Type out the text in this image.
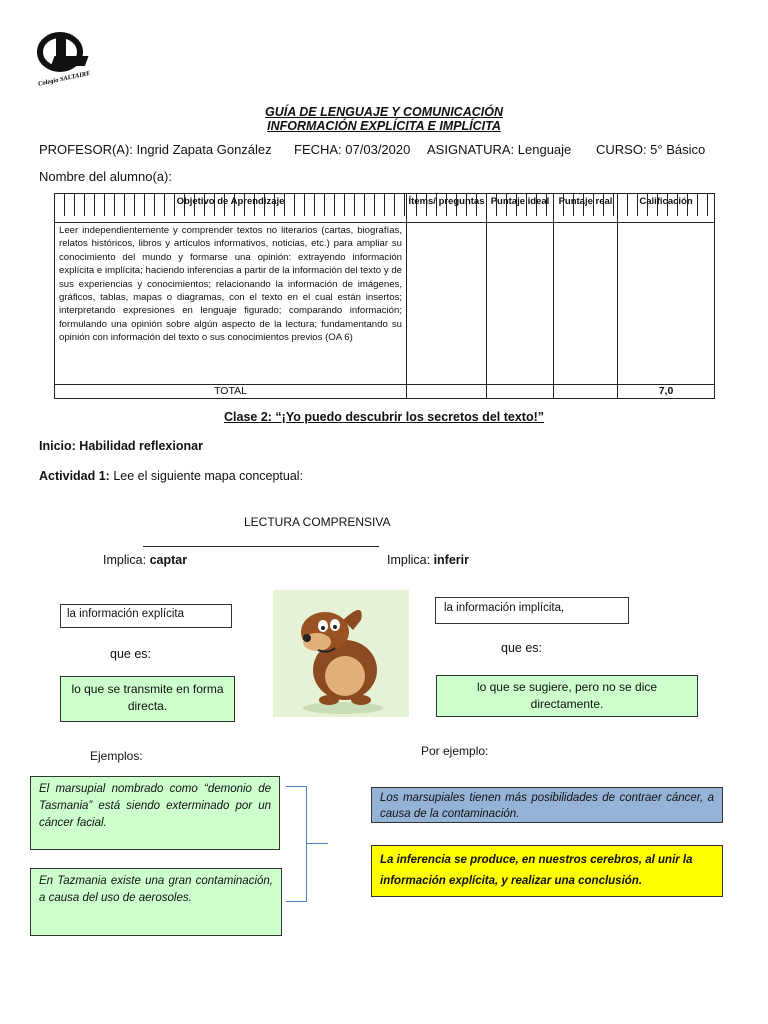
Colegio SALTAIRE
GUÍA DE LENGUAJE Y COMUNICACIÓN
INFORMACIÓN EXPLÍCITA E IMPLÍCITA
PROFESOR(A): Ingrid Zapata González FECHA: 07/03/2020 ASIGNATURA: Lenguaje CURSO: 5° Básico
Nombre del alumno(a):
Objetivo de Aprendizaje	Ítems/ preguntas	Puntaje ideal	Puntaje real	Calificación

Leer independientemente y comprender textos no literarios (cartas, biografías, relatos históricos, libros y artículos informativos, noticias, etc.) para ampliar su conocimiento del mundo y formarse una opinión: extrayendo información explícita e implícita; haciendo inferencias a partir de la información del texto y de sus experiencias y conocimientos; relacionando la información de imágenes, gráficos, tablas, mapas o diagramas, con el texto en el cual están insertos; interpretando expresiones en lenguaje figurado; comparando información; formulando una opinión sobre algún aspecto de la lectura; fundamentando su opinión con información del texto o sus conocimientos previos (OA 6)				
TOTAL				7,0
Clase 2: “¡Yo puedo descubrir los secretos del texto!”
Inicio: Habilidad reflexionar
Actividad 1: Lee el siguiente mapa conceptual:
LECTURA COMPRENSIVA
Implica: captar	Implica: inferir
la información explícita
que es:
lo que se transmite en forma directa.
Ejemplos:
El marsupial nombrado como “demonio de Tasmania” está siendo exterminado por un cáncer facial.
En Tazmania existe una gran contaminación, a causa del uso de aerosoles.
la información implícita,
que es:
lo que se sugiere, pero no se dice directamente.
Por ejemplo:
Los marsupiales tienen más posibilidades de contraer cáncer, a causa de la contaminación.
La inferencia se produce, en nuestros cerebros, al unir la información explícita, y realizar una conclusión.
